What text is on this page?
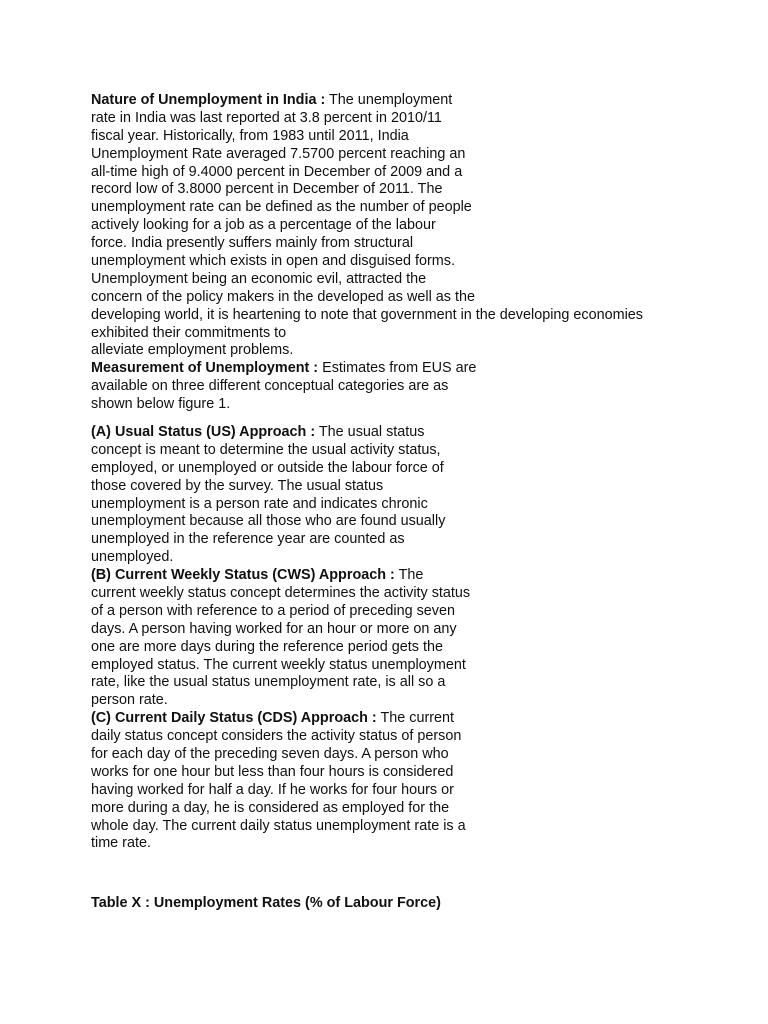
Nature of Unemployment in India : The unemployment
rate in India was last reported at 3.8 percent in 2010/11
fiscal year. Historically, from 1983 until 2011, India
Unemployment Rate averaged 7.5700 percent reaching an
all-time high of 9.4000 percent in December of 2009 and a
record low of 3.8000 percent in December of 2011. The
unemployment rate can be defined as the number of people
actively looking for a job as a percentage of the labour
force. India presently suffers mainly from structural
unemployment which exists in open and disguised forms.
Unemployment being an economic evil, attracted the
concern of the policy makers in the developed as well as the
developing world, it is heartening to note that government in the developing economies
exhibited their commitments to
alleviate employment problems.
Measurement of Unemployment : Estimates from EUS are
available on three different conceptual categories are as
shown below figure 1.
(A) Usual Status (US) Approach : The usual status
concept is meant to determine the usual activity status,
employed, or unemployed or outside the labour force of
those covered by the survey. The usual status
unemployment is a person rate and indicates chronic
unemployment because all those who are found usually
unemployed in the reference year are counted as
unemployed.
(B) Current Weekly Status (CWS) Approach : The
current weekly status concept determines the activity status
of a person with reference to a period of preceding seven
days. A person having worked for an hour or more on any
one are more days during the reference period gets the
employed status. The current weekly status unemployment
rate, like the usual status unemployment rate, is all so a
person rate.
(C) Current Daily Status (CDS) Approach : The current
daily status concept considers the activity status of person
for each day of the preceding seven days. A person who
works for one hour but less than four hours is considered
having worked for half a day. If he works for four hours or
more during a day, he is considered as employed for the
whole day. The current daily status unemployment rate is a
time rate.
Table X : Unemployment Rates (% of Labour Force)
